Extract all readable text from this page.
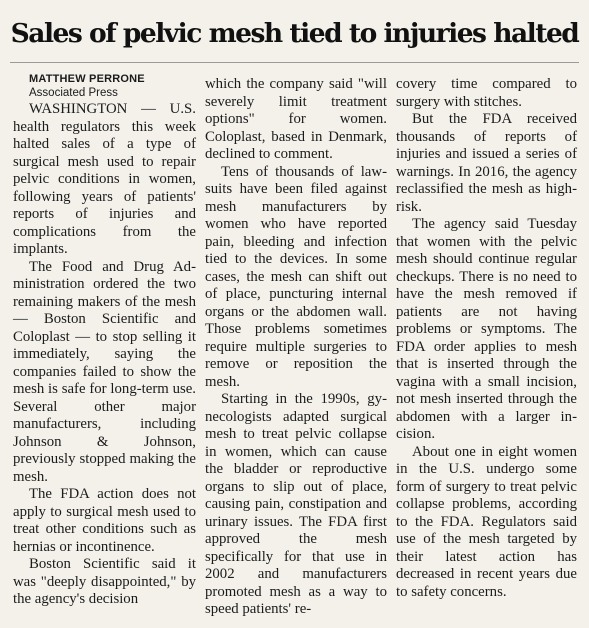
Sales of pelvic mesh tied to injuries halted

MATTHEW PERRONE

Associated Press

WASHINGTON — U.S. health regulators this week halted sales of a type of surgical mesh used to repair pelvic conditions in women, following years of patients' reports of injuries and complications from the implants.

The Food and Drug Administration ordered the two remaining makers of the mesh — Boston Scientific and Coloplast — to stop selling it immediately, saying the companies failed to show the mesh is safe for long-term use. Several other major manufacturers, including Johnson & Johnson, previously stopped making the mesh.

The FDA action does not apply to surgical mesh used to treat other conditions such as hernias or incontinence.

Boston Scientific said it was "deeply disappointed," by the agency's decision

which the company said "will severely limit treatment options" for women. Coloplast, based in Denmark, declined to comment.

Tens of thousands of lawsuits have been filed against mesh manufacturers by women who have reported pain, bleeding and infection tied to the devices. In some cases, the mesh can shift out of place, puncturing internal organs or the abdomen wall. Those problems sometimes require multiple surgeries to remove or reposition the mesh.

Starting in the 1990s, gynecologists adapted surgical mesh to treat pelvic collapse in women, which can cause the bladder or reproductive organs to slip out of place, causing pain, constipation and urinary issues. The FDA first approved the mesh specifically for that use in 2002 and manufacturers promoted mesh as a way to speed patients' re-

covery time compared to surgery with stitches.

But the FDA received thousands of reports of injuries and issued a series of warnings. In 2016, the agency reclassified the mesh as high-risk.

The agency said Tuesday that women with the pelvic mesh should continue regular checkups. There is no need to have the mesh removed if patients are not having problems or symptoms. The FDA order applies to mesh that is inserted through the vagina with a small incision, not mesh inserted through the abdomen with a larger incision.

About one in eight women in the U.S. undergo some form of surgery to treat pelvic collapse problems, according to the FDA. Regulators said use of the mesh targeted by their latest action has decreased in recent years due to safety concerns.
